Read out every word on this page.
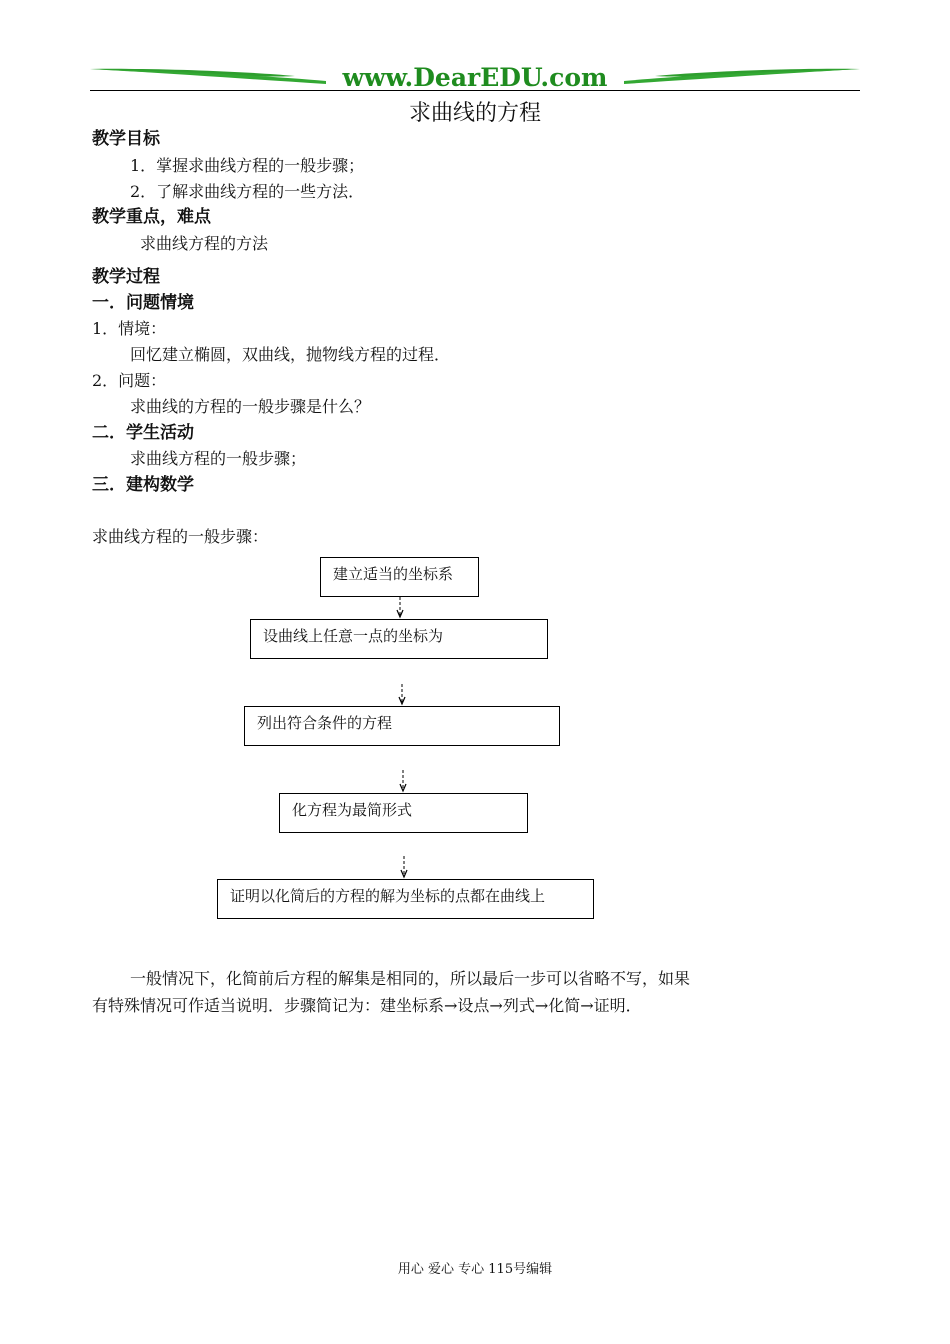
www.DearEDU.com
求曲线的方程
教学目标
1．掌握求曲线方程的一般步骤；
2．了解求曲线方程的一些方法．
教学重点，难点
求曲线方程的方法
教学过程
一．问题情境
1．情境：
回忆建立椭圆，双曲线，抛物线方程的过程．
2．问题：
求曲线的方程的一般步骤是什么？
二．学生活动
求曲线方程的一般步骤；
三．建构数学
求曲线方程的一般步骤：
建立适当的坐标系
设曲线上任意一点的坐标为
列出符合条件的方程
化方程为最简形式
证明以化简后的方程的解为坐标的点都在曲线上
一般情况下，化简前后方程的解集是相同的，所以最后一步可以省略不写，如果
有特殊情况可作适当说明．步骤简记为：建坐标系→设点→列式→化简→证明．
用心 爱心 专心 115号编辑
